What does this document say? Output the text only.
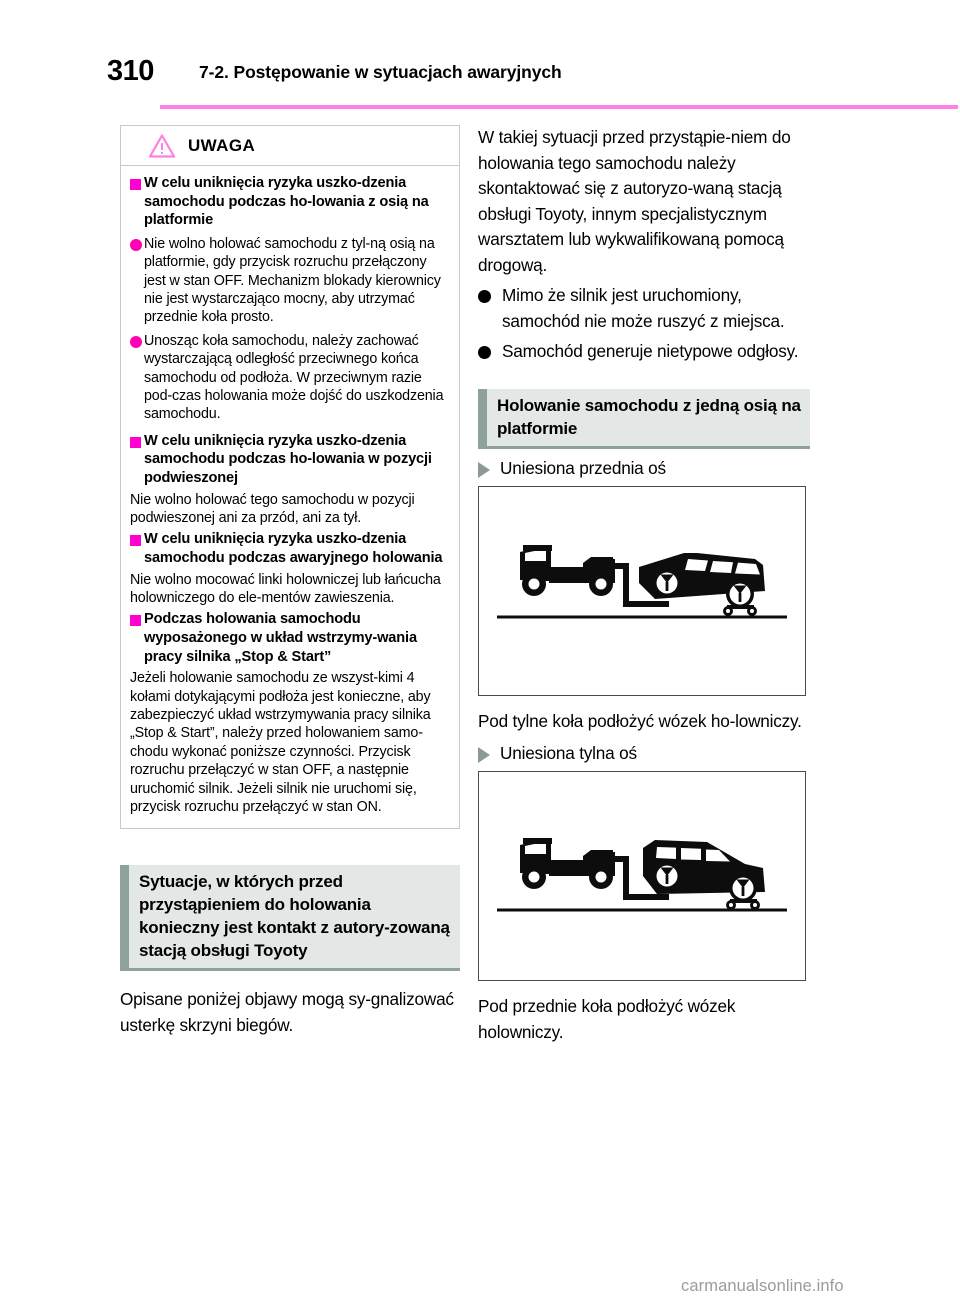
310	7-2. Postępowanie w sytuacjach awaryjnych
UWAGA
W celu uniknięcia ryzyka uszko-dzenia samochodu podczas ho-lowania z osią na platformie
Nie wolno holować samochodu z tyl-ną osią na platformie, gdy przycisk rozruchu przełączony jest w stan OFF. Mechanizm blokady kierownicy nie jest wystarczająco mocny, aby utrzymać przednie koła prosto.
Unosząc koła samochodu, należy zachować wystarczającą odległość przeciwnego końca samochodu od podłoża. W przeciwnym razie pod-czas holowania może dojść do uszkodzenia samochodu.
W celu uniknięcia ryzyka uszko-dzenia samochodu podczas ho-lowania w pozycji podwieszonej
Nie wolno holować tego samochodu w pozycji podwieszonej ani za przód, ani za tył.
W celu uniknięcia ryzyka uszko-dzenia samochodu podczas awaryjnego holowania
Nie wolno mocować linki holowniczej lub łańcucha holowniczego do ele-mentów zawieszenia.
Podczas holowania samochodu wyposażonego w układ wstrzymy-wania pracy silnika „Stop & Start”
Jeżeli holowanie samochodu ze wszyst-kimi 4 kołami dotykającymi podłoża jest konieczne, aby zabezpieczyć układ wstrzymywania pracy silnika „Stop & Start”, należy przed holowaniem samo-chodu wykonać poniższe czynności. Przycisk rozruchu przełączyć w stan OFF, a następnie uruchomić silnik. Jeżeli silnik nie uruchomi się, przycisk rozruchu przełączyć w stan ON.
Sytuacje, w których przed przystąpieniem do holowania konieczny jest kontakt z autory-zowaną stacją obsługi Toyoty
Opisane poniżej objawy mogą sy-gnalizować usterkę skrzyni biegów.
W takiej sytuacji przed przystąpie-niem do holowania tego samochodu należy skontaktować się z autoryzo-waną stacją obsługi Toyoty, innym specjalistycznym warsztatem lub wykwalifikowaną pomocą drogową.
Mimo że silnik jest uruchomiony, samochód nie może ruszyć z miejsca.
Samochód generuje nietypowe odgłosy.
Holowanie samochodu z jedną osią na platformie
Uniesiona przednia oś
Pod tylne koła podłożyć wózek ho-lowniczy.
Uniesiona tylna oś
Pod przednie koła podłożyć wózek holowniczy.
carmanualsonline.info
